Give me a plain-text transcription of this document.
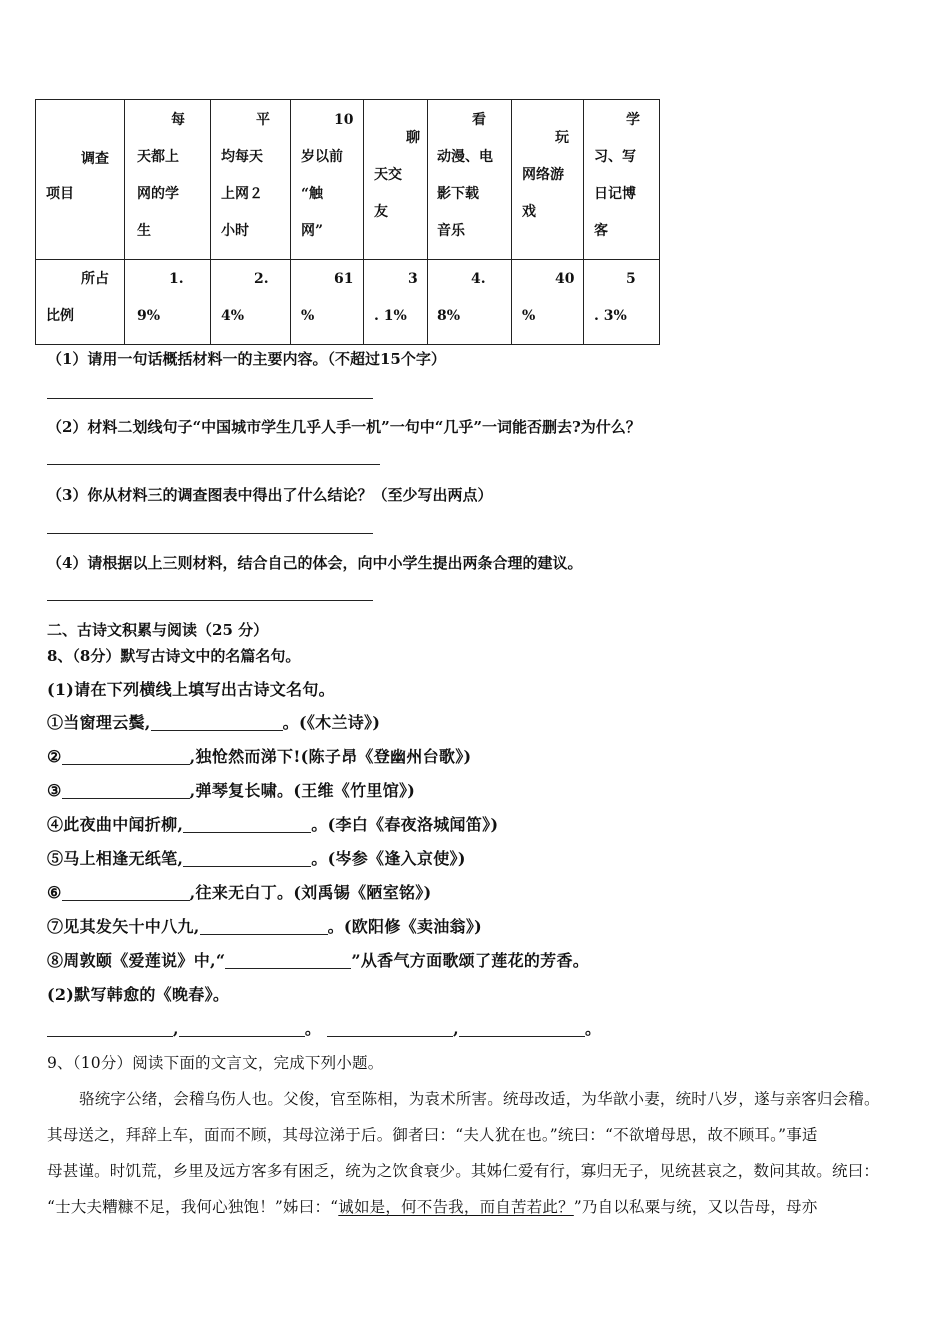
调查
项目	每
天都上
网的学
生	平
均每天
上网２
小时	10
岁以前
“触
网”	聊
天交
友	看
动漫、电
影下载
音乐	玩
网络游
戏	学
习、写
日记博
客

所占
比例	1.
9%	2.
4%	61
%	3
. 1%	4.
8%	40
%	5
. 3%
（1）请用一句话概括材料一的主要内容。（不超过15个字）
（2）材料二划线句子“中国城市学生几乎人手一机”一句中“几乎”一词能否删去?为什么？
（3）你从材料三的调查图表中得出了什么结论？（至少写出两点）
（4）请根据以上三则材料，结合自己的体会，向中小学生提出两条合理的建议。
二、古诗文积累与阅读（25 分）
8、（8分）默写古诗文中的名篇名句。
(1)请在下列横线上填写出古诗文名句。
①当窗理云鬓,	。(《木兰诗》)
②	,独怆然而涕下!(陈子昂《登幽州台歌》)
③	,弹琴复长啸。(王维《竹里馆》)
④此夜曲中闻折柳,	。(李白《春夜洛城闻笛》)
⑤马上相逢无纸笔,	。(岑参《逢入京使》)
⑥	,往来无白丁。(刘禹锡《陋室铭》)
⑦见其发矢十中八九,	。(欧阳修《卖油翁》)
⑧周敦颐《爱莲说》中,“	”从香气方面歌颂了莲花的芳香。
(2)默写韩愈的《晚春》。
,	。	,	。
9、（10分）阅读下面的文言文，完成下列小题。
骆统字公绪，会稽乌伤人也。父俊，官至陈相，为袁术所害。统母改适，为华歆小妻，统时八岁，遂与亲客归会稽。
其母送之，拜辞上车，面而不顾，其母泣涕于后。御者曰：“夫人犹在也。”统曰：“不欲增母思，故不顾耳。”事适
母甚谨。时饥荒，乡里及远方客多有困乏，统为之饮食衰少。其姊仁爱有行，寡归无子，见统甚哀之，数问其故。统曰：
“士大夫糟糠不足，我何心独饱！”姊曰：“诚如是，何不告我，而自苦若此？”乃自以私粟与统，又以告母，母亦
